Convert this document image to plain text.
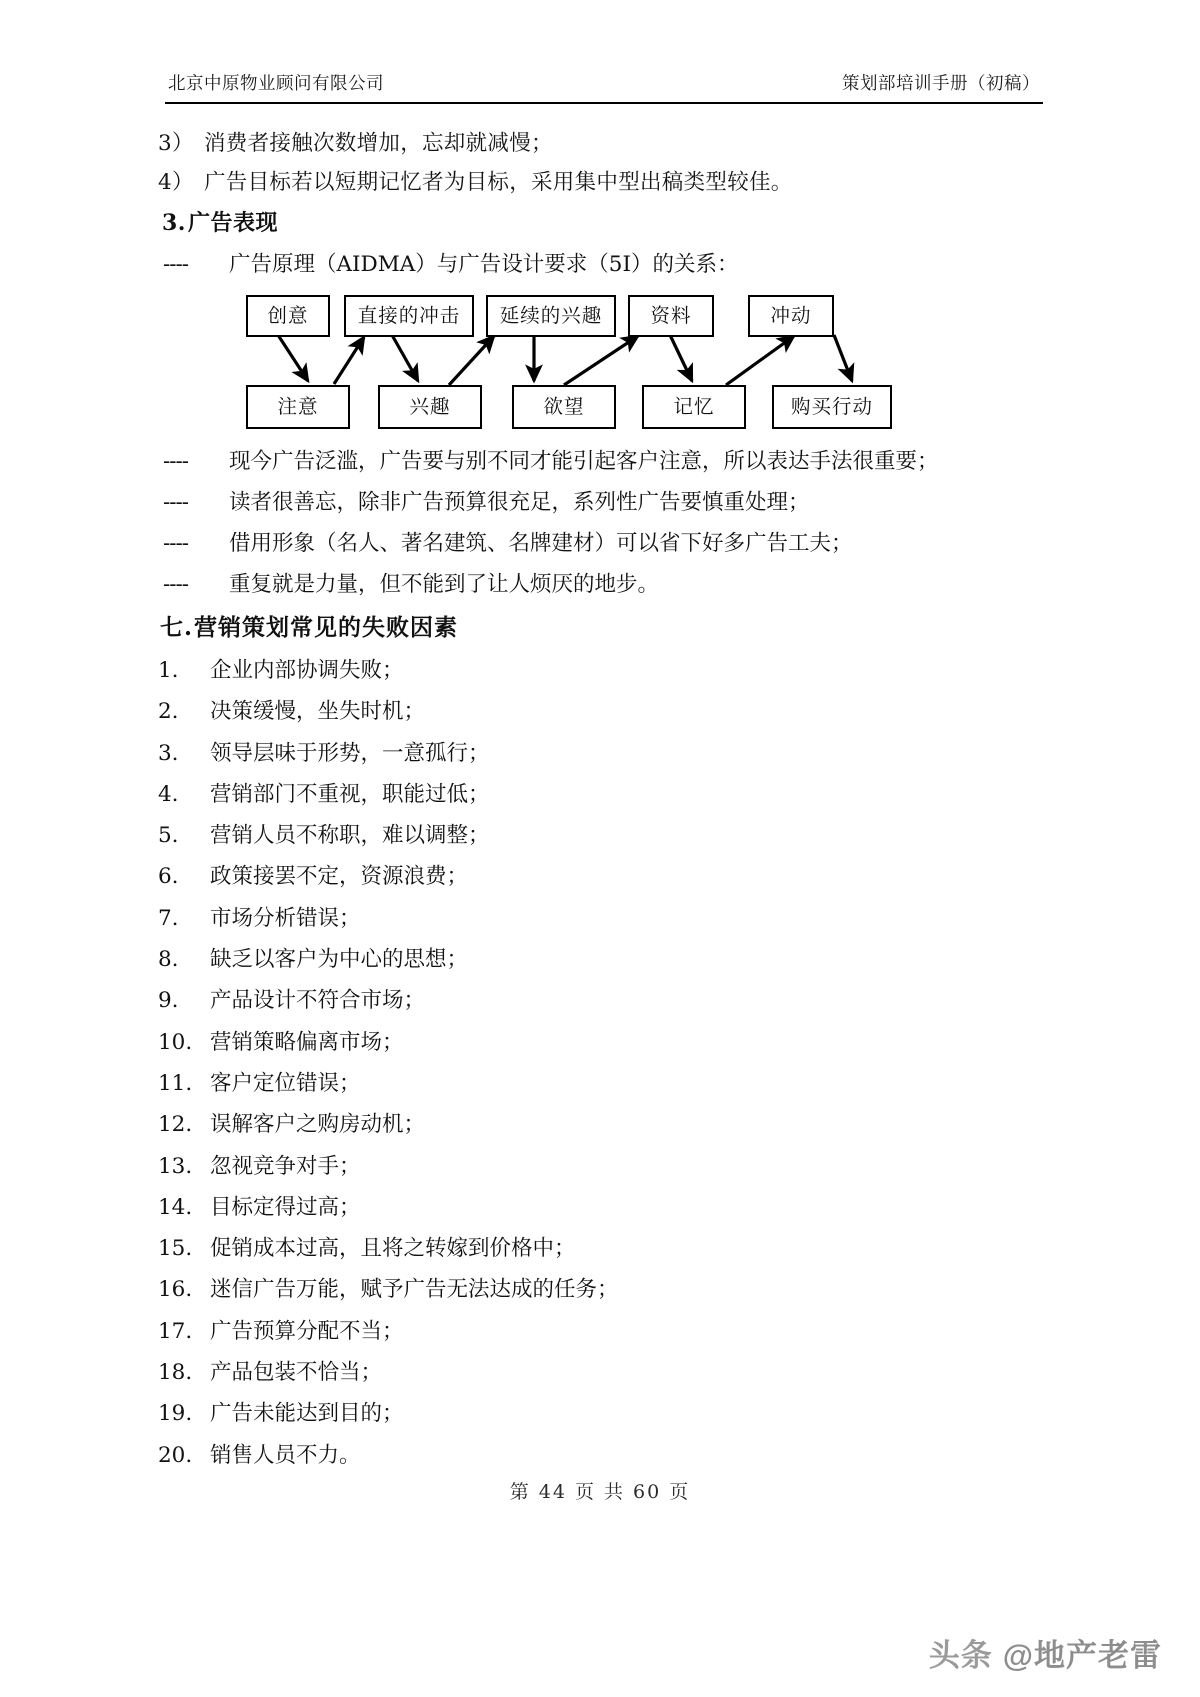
北京中原物业顾问有限公司	策划部培训手册（初稿）
3） 消费者接触次数增加，忘却就减慢；
4） 广告目标若以短期记忆者为目标，采用集中型出稿类型较佳。
3.广告表现
---- 广告原理（AIDMA）与广告设计要求（5I）的关系：
创意	直接的冲击	延续的兴趣	资料	冲动
注意	兴趣	欲望	记忆	购买行动
---- 现今广告泛滥，广告要与别不同才能引起客户注意，所以表达手法很重要；
---- 读者很善忘，除非广告预算很充足，系列性广告要慎重处理；
---- 借用形象（名人、著名建筑、名牌建材）可以省下好多广告工夫；
---- 重复就是力量，但不能到了让人烦厌的地步。
七.营销策划常见的失败因素
1. 企业内部协调失败；
2. 决策缓慢，坐失时机；
3. 领导层味于形势，一意孤行；
4. 营销部门不重视，职能过低；
5. 营销人员不称职，难以调整；
6. 政策接罢不定，资源浪费；
7. 市场分析错误；
8. 缺乏以客户为中心的思想；
9. 产品设计不符合市场；
10. 营销策略偏离市场；
11. 客户定位错误；
12. 误解客户之购房动机；
13. 忽视竞争对手；
14. 目标定得过高；
15. 促销成本过高，且将之转嫁到价格中；
16. 迷信广告万能，赋予广告无法达成的任务；
17. 广告预算分配不当；
18. 产品包装不恰当；
19. 广告未能达到目的；
20. 销售人员不力。
第 44 页 共 60 页
头条 @地产老雷
